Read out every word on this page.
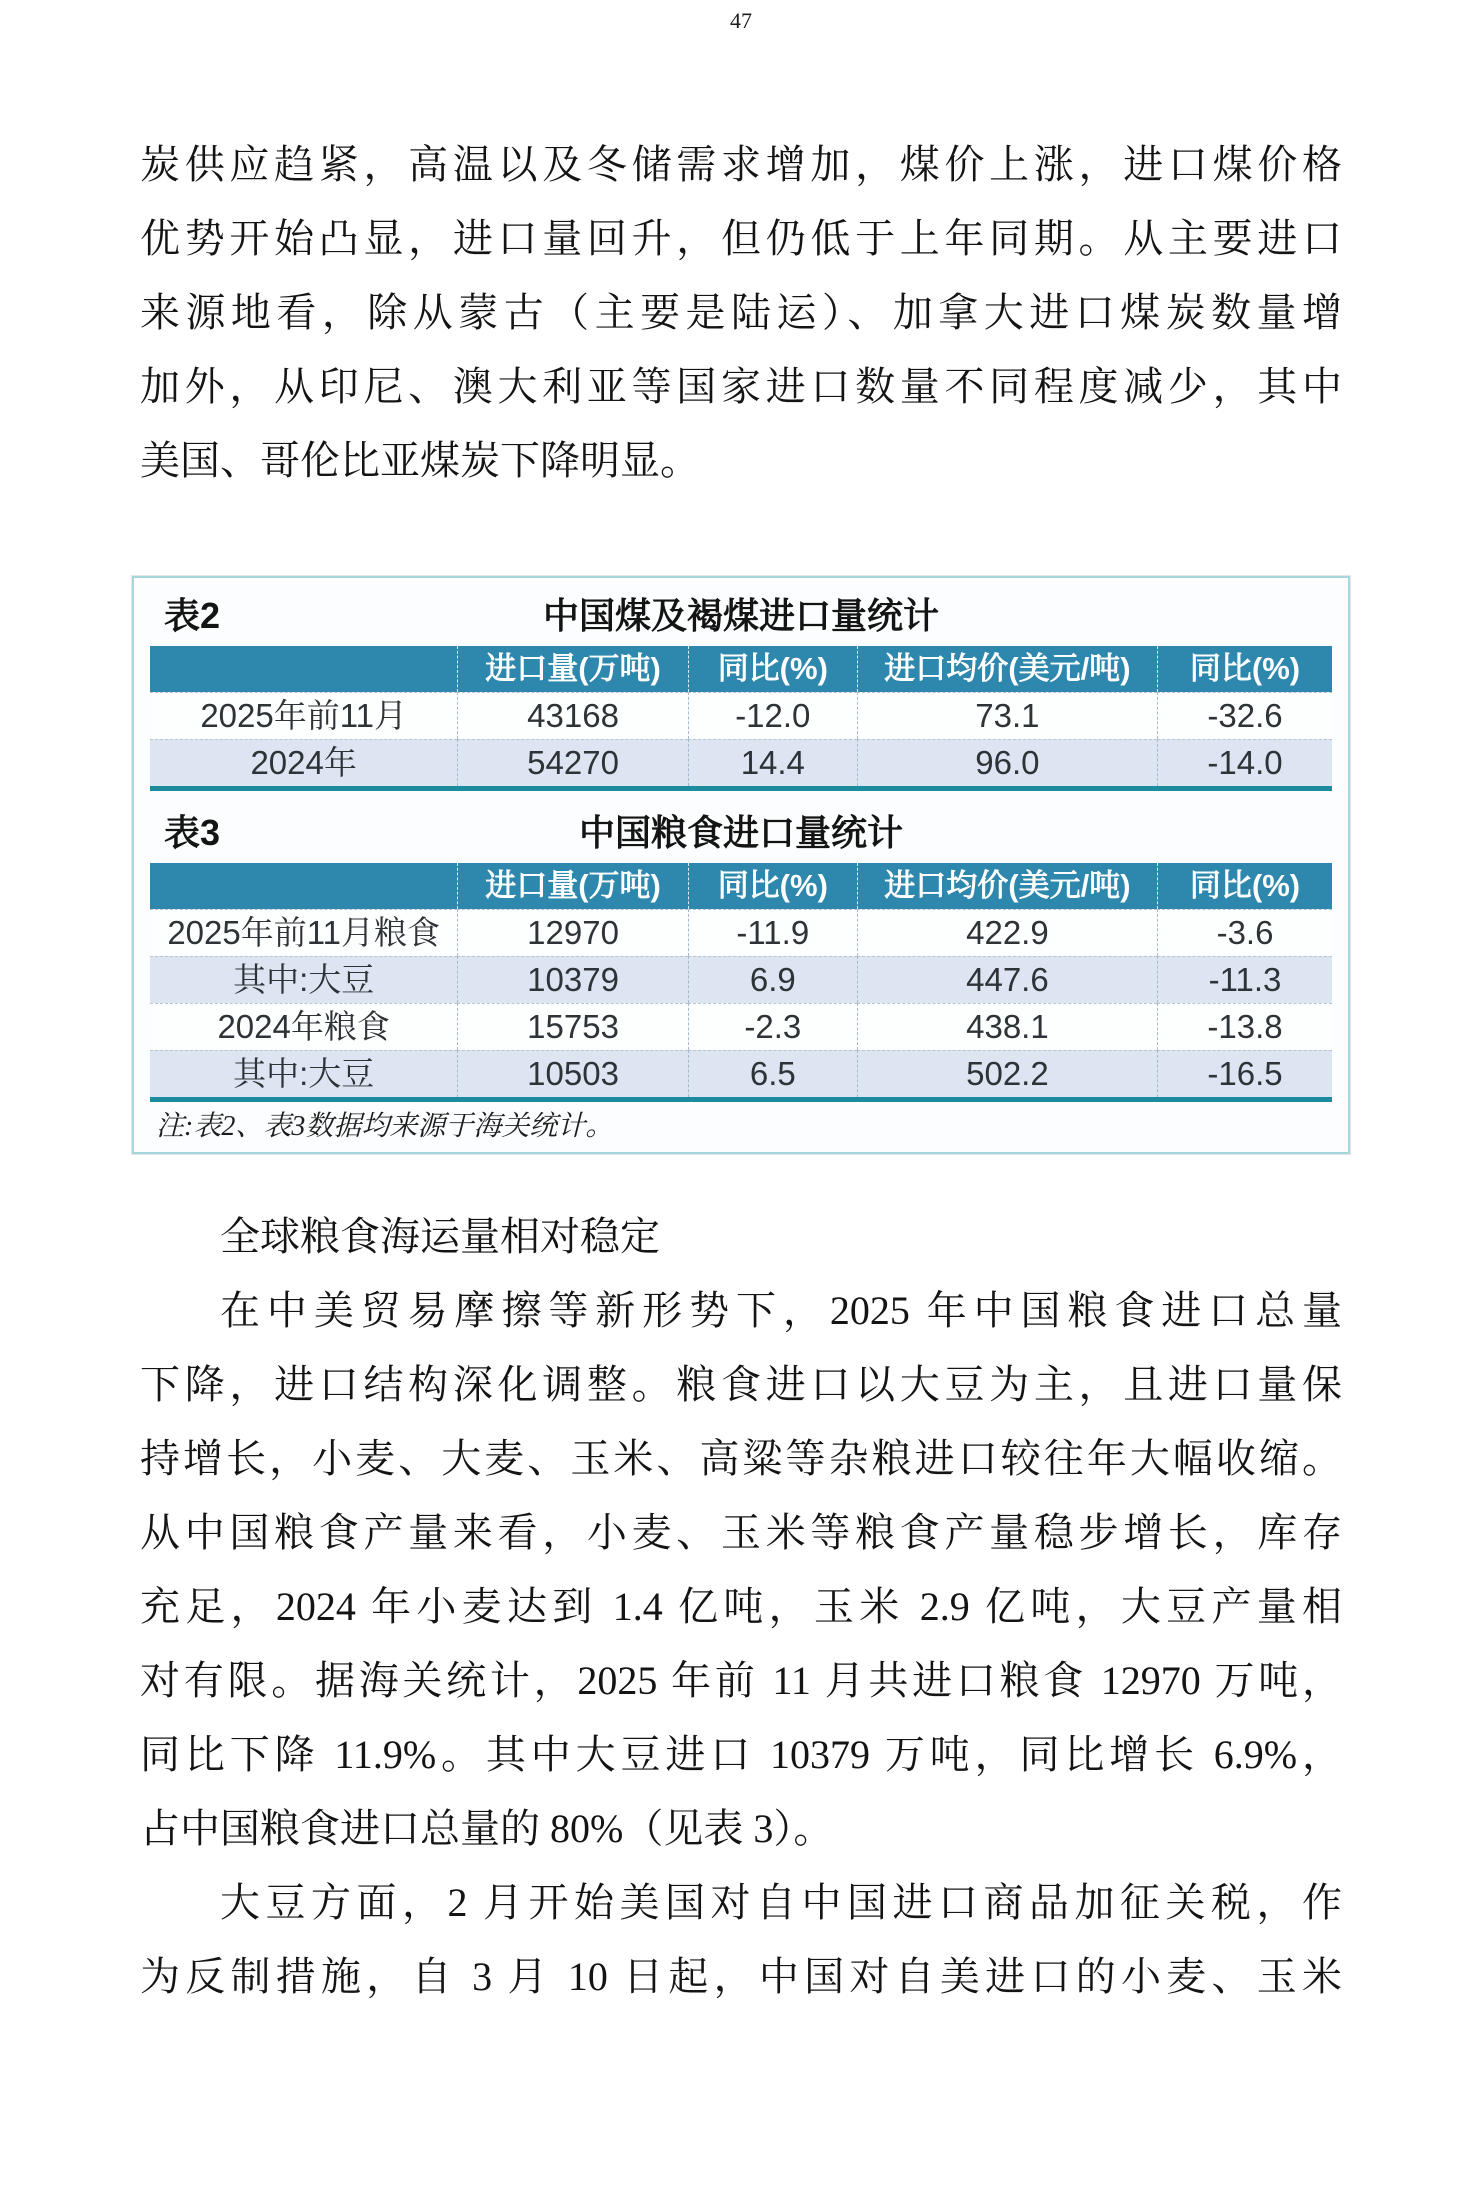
47
炭供应趋紧，高温以及冬储需求增加，煤价上涨，进口煤价格
优势开始凸显，进口量回升，但仍低于上年同期。从主要进口
来源地看，除从蒙古（主要是陆运）、加拿大进口煤炭数量增
加外，从印尼、澳大利亚等国家进口数量不同程度减少，其中
美国、哥伦比亚煤炭下降明显。
表2	中国煤及褐煤进口量统计
	进口量(万吨)	同比(%)	进口均价(美元/吨)	同比(%)
2025年前11月	43168	-12.0	73.1	-32.6
2024年	54270	14.4	96.0	-14.0
表3	中国粮食进口量统计
	进口量(万吨)	同比(%)	进口均价(美元/吨)	同比(%)
2025年前11月粮食	12970	-11.9	422.9	-3.6
其中:大豆	10379	6.9	447.6	-11.3
2024年粮食	15753	-2.3	438.1	-13.8
其中:大豆	10503	6.5	502.2	-16.5
注:表2、表3数据均来源于海关统计。
全球粮食海运量相对稳定
在中美贸易摩擦等新形势下，2025 年中国粮食进口总量
下降，进口结构深化调整。粮食进口以大豆为主，且进口量保
持增长，小麦、大麦、玉米、高粱等杂粮进口较往年大幅收缩。
从中国粮食产量来看，小麦、玉米等粮食产量稳步增长，库存
充足，2024 年小麦达到 1.4 亿吨，玉米 2.9 亿吨，大豆产量相
对有限。据海关统计，2025 年前 11 月共进口粮食 12970 万吨，
同比下降 11.9%。其中大豆进口 10379 万吨，同比增长 6.9%，
占中国粮食进口总量的 80%（见表 3）。
大豆方面，2 月开始美国对自中国进口商品加征关税，作
为反制措施，自 3 月 10 日起，中国对自美进口的小麦、玉米
